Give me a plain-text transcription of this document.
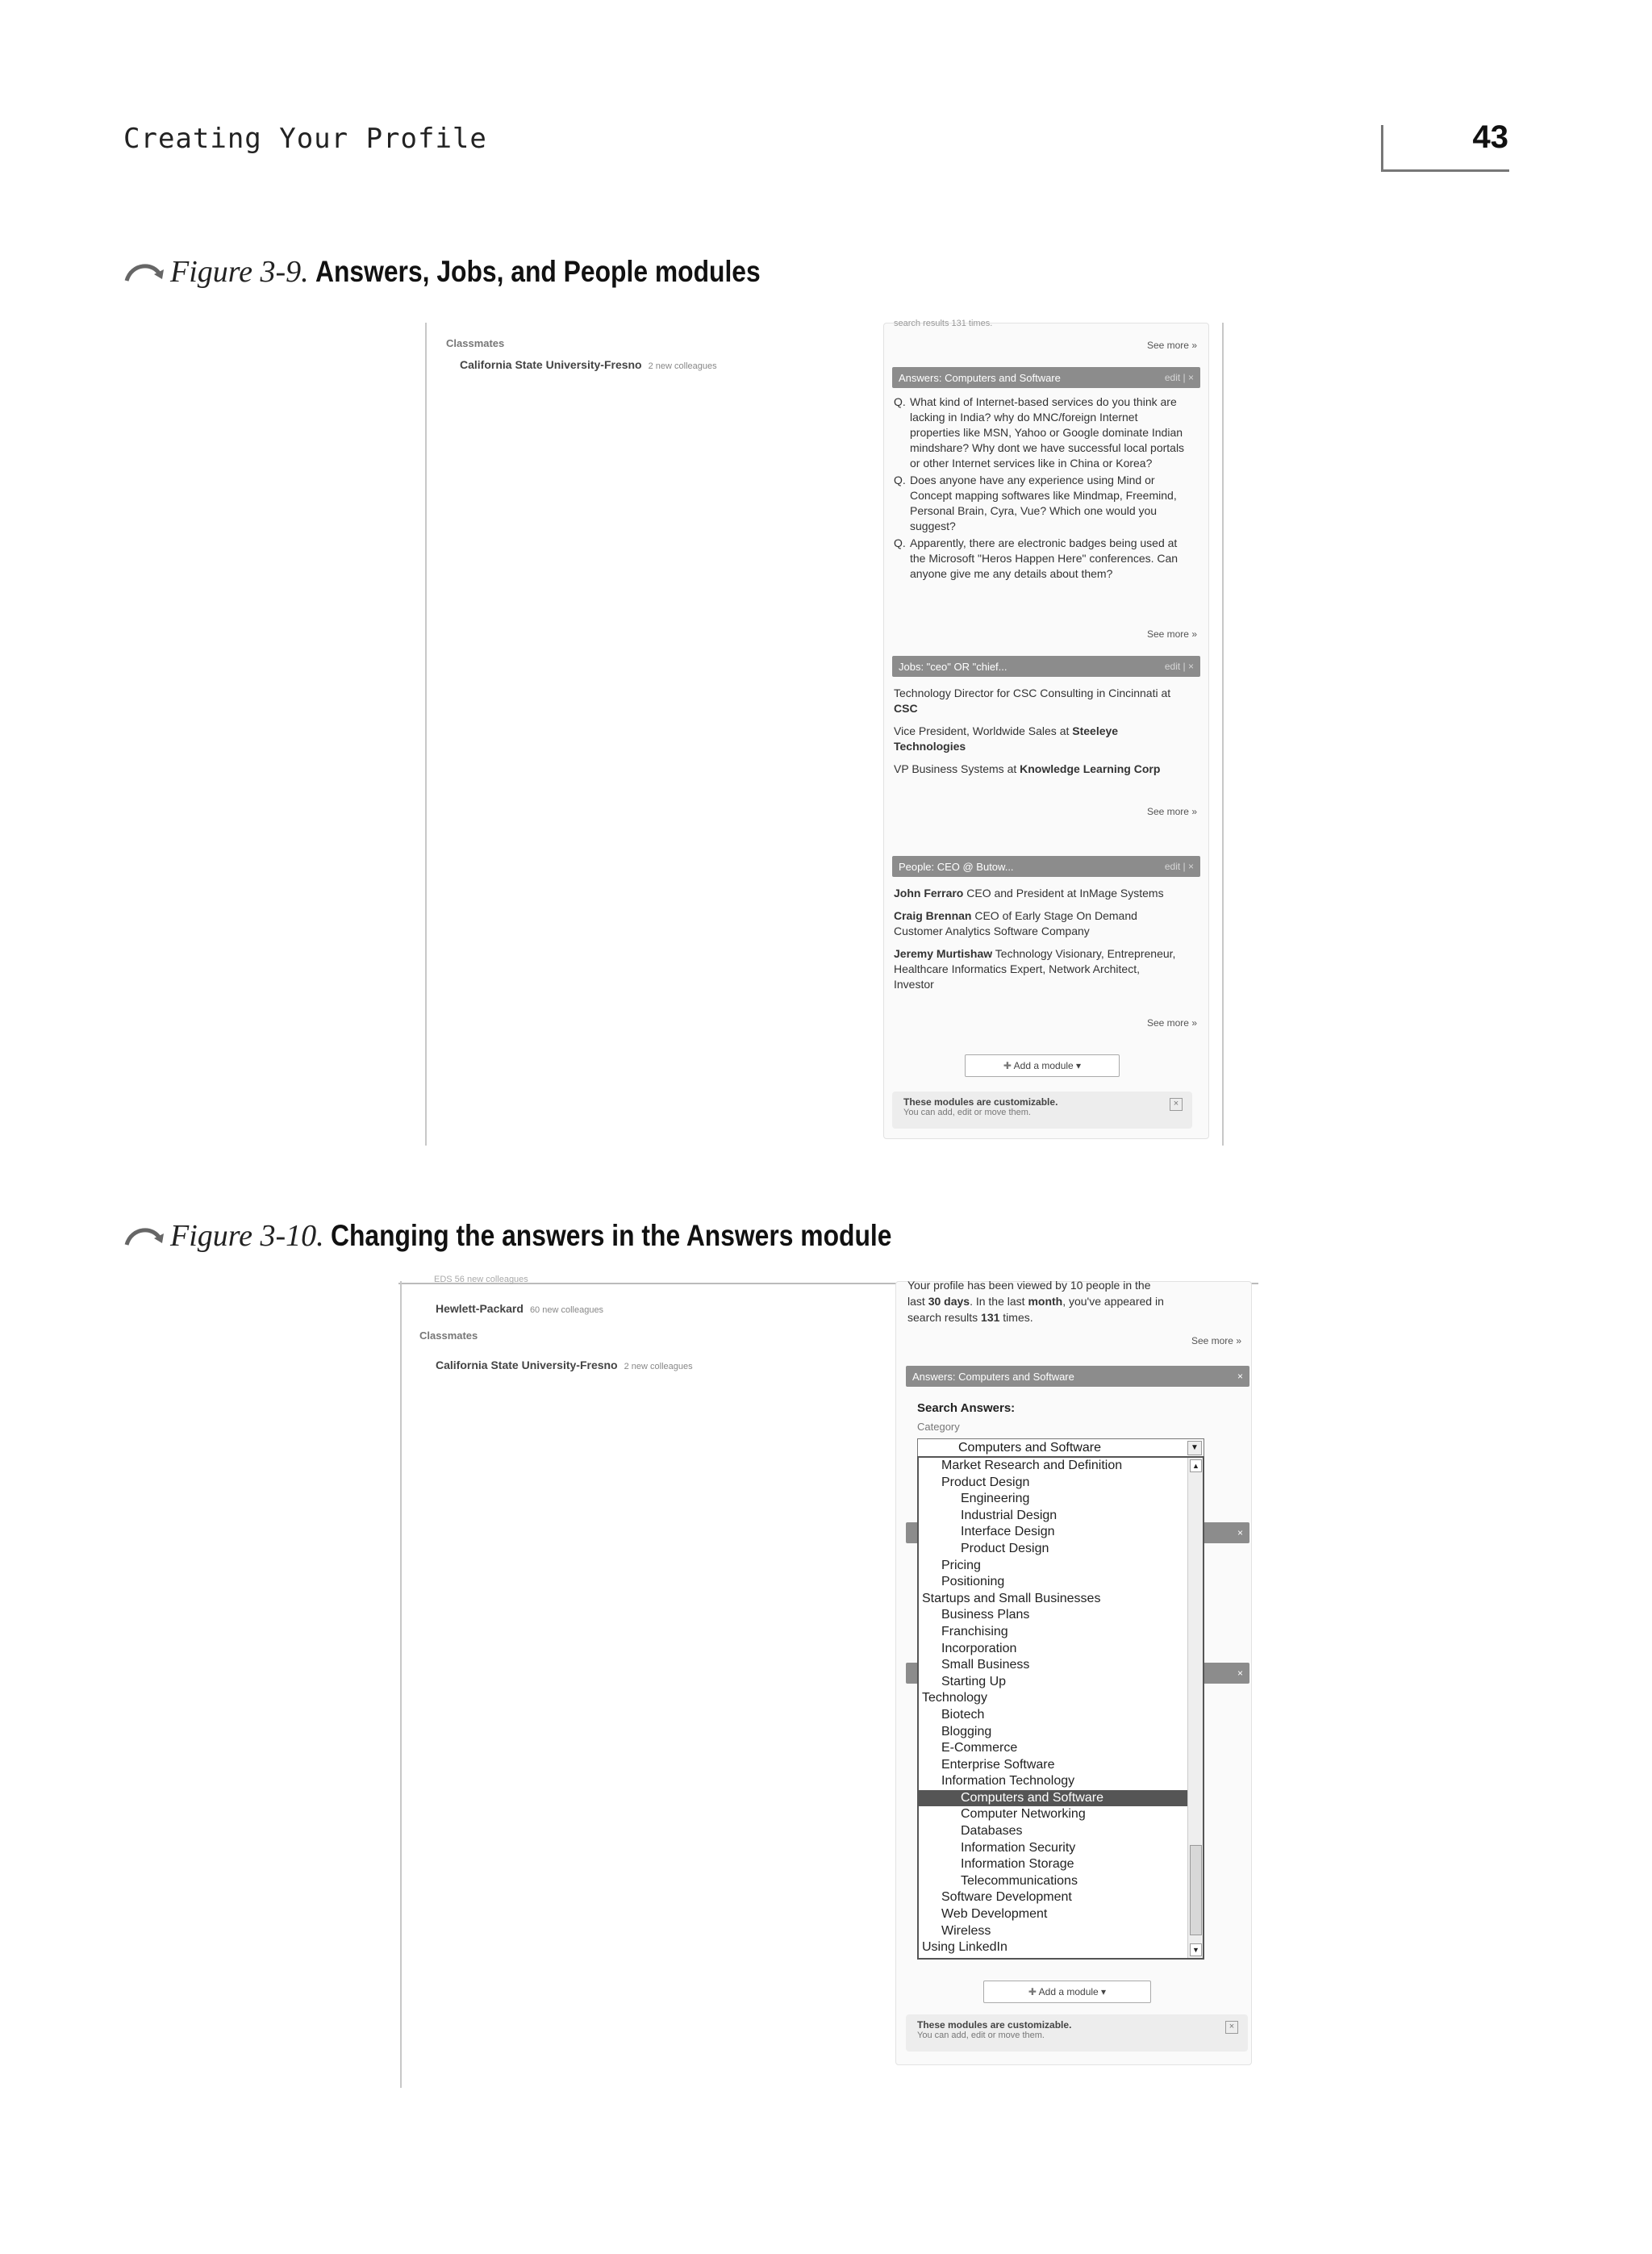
Creating Your Profile	43
Figure 3-9. Answers, Jobs, and People modules
Classmates
California State University-Fresno 2 new colleagues
search results 131 times.
See more »
Answers: Computers and Software	edit | ×
Q. What kind of Internet-based services do you think are lacking in India? why do MNC/foreign Internet properties like MSN, Yahoo or Google dominate Indian mindshare? Why dont we have successful local portals or other Internet services like in China or Korea?
Q. Does anyone have any experience using Mind or Concept mapping softwares like Mindmap, Freemind, Personal Brain, Cyra, Vue? Which one would you suggest?
Q. Apparently, there are electronic badges being used at the Microsoft "Heros Happen Here" conferences. Can anyone give me any details about them?
See more »
Jobs: "ceo" OR "chief...	edit | ×
Technology Director for CSC Consulting in Cincinnati at CSC
Vice President, Worldwide Sales at Steeleye Technologies
VP Business Systems at Knowledge Learning Corp
See more »
People: CEO @ Butow...	edit | ×
John Ferraro CEO and President at InMage Systems
Craig Brennan CEO of Early Stage On Demand Customer Analytics Software Company
Jeremy Murtishaw Technology Visionary, Entrepreneur, Healthcare Informatics Expert, Network Architect, Investor
See more »
✚ Add a module ▾
These modules are customizable.
You can add, edit or move them.
×
Figure 3-10. Changing the answers in the Answers module
EDS 56 new colleagues
Hewlett-Packard 60 new colleagues
Classmates
California State University-Fresno 2 new colleagues
Your profile has been viewed by 10 people in the
last 30 days. In the last month, you've appeared in
search results 131 times.
See more »
Answers: Computers and Software	×
Search Answers:
Category
×
×
✚ Add a module ▾
These modules are customizable.
You can add, edit or move them.
×
Computers and Software	▼
Market Research and Definition
Product Design
Engineering
Industrial Design
Interface Design
Product Design
Pricing
Positioning
Startups and Small Businesses
Business Plans
Franchising
Incorporation
Small Business
Starting Up
Technology
Biotech
Blogging
E-Commerce
Enterprise Software
Information Technology
Computers and Software
Computer Networking
Databases
Information Security
Information Storage
Telecommunications
Software Development
Web Development
Wireless
Using LinkedIn
▲
▼
